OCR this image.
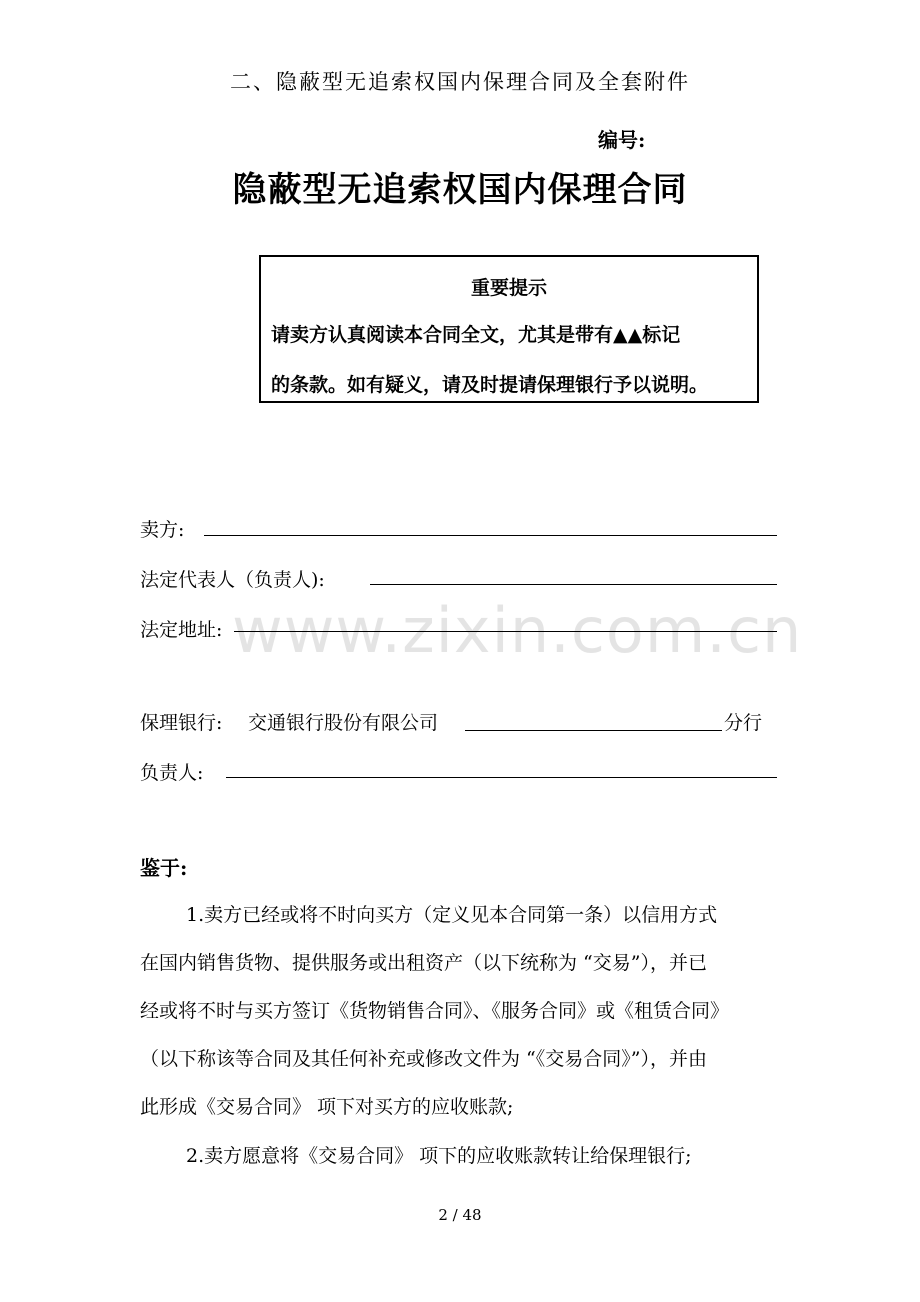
二、隐蔽型无追索权国内保理合同及全套附件
编号:
隐蔽型无追索权国内保理合同
重要提示
请卖方认真阅读本合同全文，尤其是带有▲▲标记
的条款。如有疑义，请及时提请保理银行予以说明。
卖方:
法定代表人（负责人):
法定地址:
保理银行: 交通银行股份有限公司	分行
负责人:
鉴于:
1.卖方已经或将不时向买方（定义见本合同第一条）以信用方式
在国内销售货物、提供服务或出租资产（以下统称为 “交易”），并已
经或将不时与买方签订《货物销售合同》、《服务合同》或《租赁合同》
（以下称该等合同及其任何补充或修改文件为 “《交易合同》”），并由
此形成《交易合同》 项下对买方的应收账款;
2.卖方愿意将《交易合同》 项下的应收账款转让给保理银行;
www.zixin.com.cn
2 / 48
